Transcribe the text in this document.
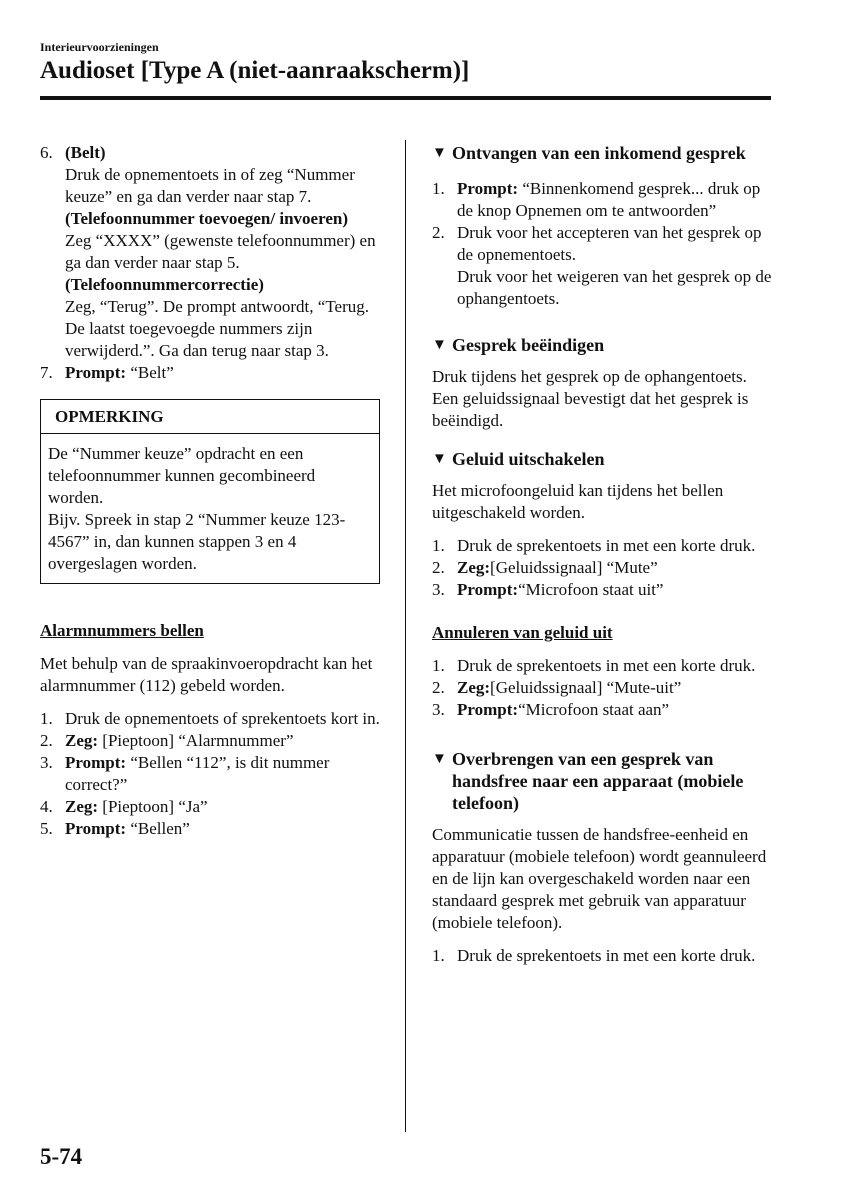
Interieurvoorzieningen
Audioset [Type A (niet-aanraakscherm)]
6. (Belt)
Druk de opnementoets in of zeg “Nummer keuze” en ga dan verder naar stap 7.
(Telefoonnummer toevoegen/ invoeren)
Zeg “XXXX” (gewenste telefoonnummer) en ga dan verder naar stap 5.
(Telefoonnummercorrectie)
Zeg, “Terug”. De prompt antwoordt, “Terug. De laatst toegevoegde nummers zijn verwijderd.”. Ga dan terug naar stap 3.
7. Prompt: “Belt”
OPMERKING
De “Nummer keuze” opdracht en een telefoonnummer kunnen gecombineerd worden.
Bijv. Spreek in stap 2 “Nummer keuze 123-4567” in, dan kunnen stappen 3 en 4 overgeslagen worden.
Alarmnummers bellen
Met behulp van de spraakinvoeropdracht kan het alarmnummer (112) gebeld worden.
1. Druk de opnementoets of sprekentoets kort in.
2. Zeg: [Pieptoon] “Alarmnummer”
3. Prompt: “Bellen “112”, is dit nummer correct?”
4. Zeg: [Pieptoon] “Ja”
5. Prompt: “Bellen”
▼ Ontvangen van een inkomend gesprek
1. Prompt: “Binnenkomend gesprek... druk op de knop Opnemen om te antwoorden”
2. Druk voor het accepteren van het gesprek op de opnementoets.
Druk voor het weigeren van het gesprek op de ophangentoets.
▼ Gesprek beëindigen
Druk tijdens het gesprek op de ophangentoets. Een geluidssignaal bevestigt dat het gesprek is beëindigd.
▼ Geluid uitschakelen
Het microfoongeluid kan tijdens het bellen uitgeschakeld worden.
1. Druk de sprekentoets in met een korte druk.
2. Zeg:[Geluidssignaal] “Mute”
3. Prompt:“Microfoon staat uit”
Annuleren van geluid uit
1. Druk de sprekentoets in met een korte druk.
2. Zeg:[Geluidssignaal] “Mute-uit”
3. Prompt:“Microfoon staat aan”
▼ Overbrengen van een gesprek van handsfree naar een apparaat (mobiele telefoon)
Communicatie tussen de handsfree-eenheid en apparatuur (mobiele telefoon) wordt geannuleerd en de lijn kan overgeschakeld worden naar een standaard gesprek met gebruik van apparatuur (mobiele telefoon).
1. Druk de sprekentoets in met een korte druk.
5-74
